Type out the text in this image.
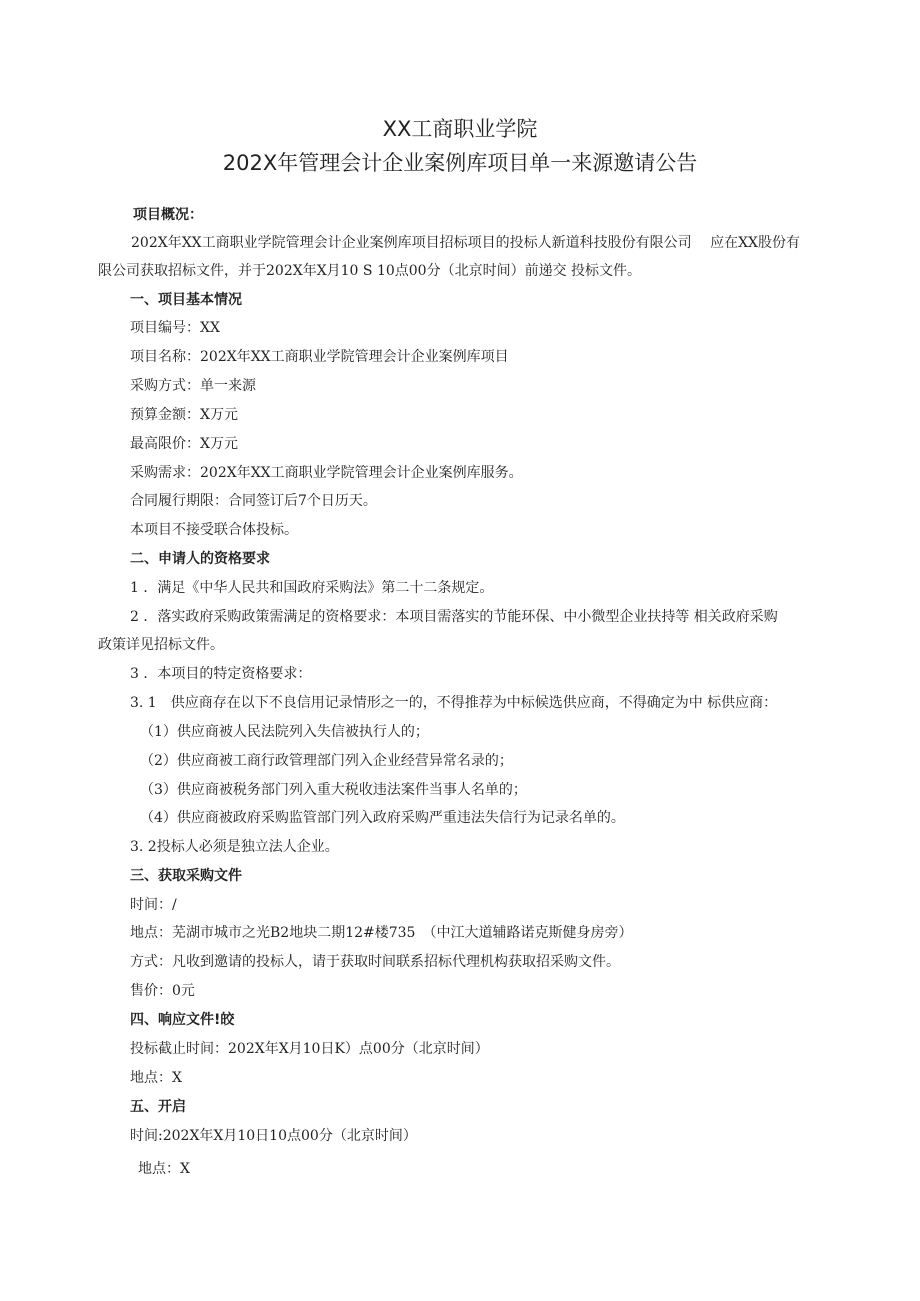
XX工商职业学院
202X年管理会计企业案例库项目单一来源邀请公告
项目概况：
202X年XX工商职业学院管理会计企业案例库项目招标项目的投标人新道科技股份有限公司　 应在XX股份有
限公司获取招标文件，并于202X年X月10 S 10点00分（北京时间）前递交 投标文件。
一、项目基本情况
项目编号：XX
项目名称：202X年XX工商职业学院管理会计企业案例库项目
采购方式：单一来源
预算金额：X万元
最高限价：X万元
采购需求：202X年XX工商职业学院管理会计企业案例库服务。
合同履行期限：合同签订后7个日历天。
本项目不接受联合体投标。
二、申请人的资格要求
1 ．满足《中华人民共和国政府采购法》第二十二条规定。
2 ．落实政府采购政策需满足的资格要求：本项目需落实的节能环保、中小微型企业扶持等 相关政府采购
政策详见招标文件。
3 ．本项目的特定资格要求：
3. 1　供应商存在以下不良信用记录情形之一的，不得推荐为中标候选供应商，不得确定为中 标供应商：
（1）供应商被人民法院列入失信被执行人的；
（2）供应商被工商行政管理部门列入企业经营异常名录的；
（3）供应商被税务部门列入重大税收违法案件当事人名单的；
（4）供应商被政府采购监管部门列入政府采购严重违法失信行为记录名单的。
3. 2投标人必须是独立法人企业。
三、获取采购文件
时间：/
地点：芜湖市城市之光B2地块二期12#楼735　（中江大道辅路诺克斯健身房旁）
方式：凡收到邀请的投标人，请于获取时间联系招标代理机构获取招采购文件。
售价：0元
四、响应文件!皎
投标截止时间：202X年X月10日K）点00分（北京时间）
地点：X
五、开启
时间:202X年X月10日10点00分（北京时间）
地点：X
